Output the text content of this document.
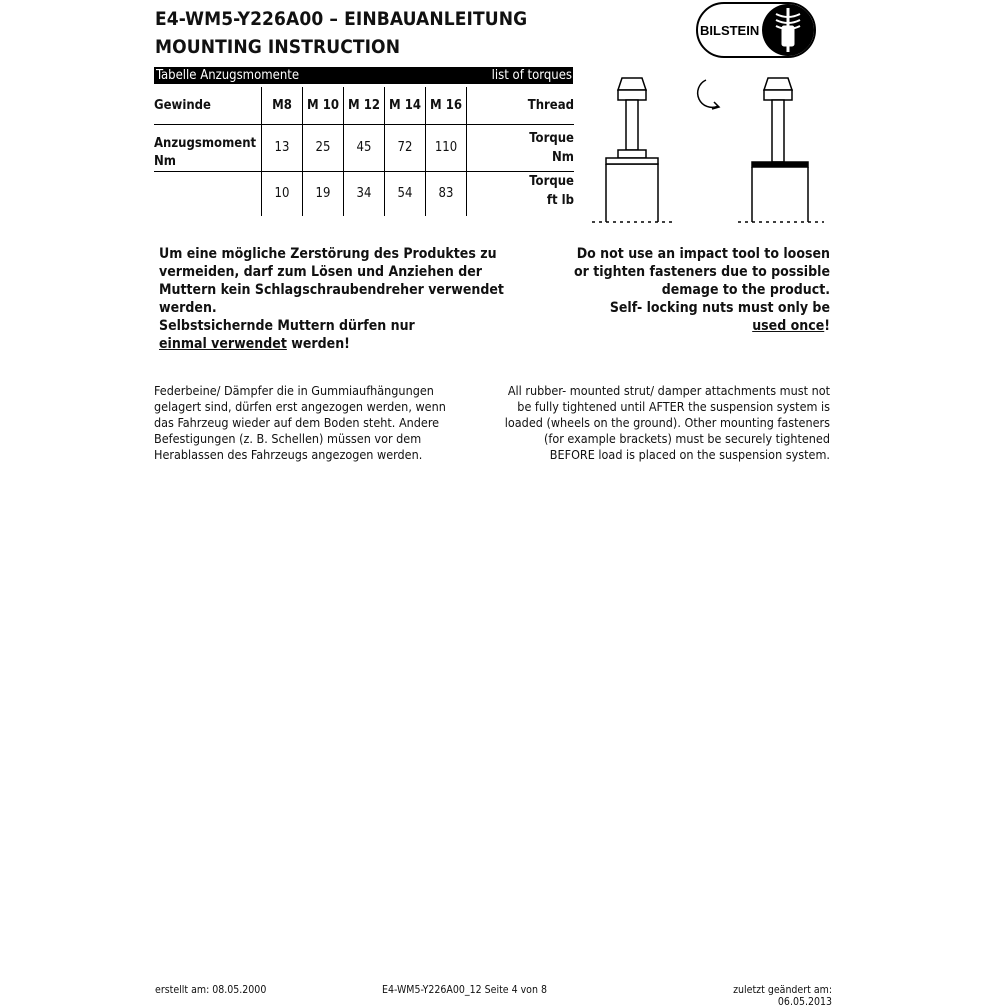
E4-WM5-Y226A00 – EINBAUANLEITUNG
MOUNTING INSTRUCTION
BILSTEIN
Tabelle Anzugsmomente	list of torques
Gewinde	M8	M 10	M 12	M 14	M 16	Thread
Anzugsmoment
Nm	13	25	45	72	110	Torque
Nm
	10	19	34	54	83	Torque
ft lb
Um eine mögliche Zerstörung des Produktes zu
vermeiden, darf zum Lösen und Anziehen der
Muttern kein Schlagschraubendreher verwendet
werden.
Selbstsichernde Muttern dürfen nur
einmal verwendet werden!
Do not use an impact tool to loosen
or tighten fasteners due to possible
demage to the product.
Self- locking nuts must only be
used once!
Federbeine/ Dämpfer die in Gummiaufhängungen
gelagert sind, dürfen erst angezogen werden, wenn
das Fahrzeug wieder auf dem Boden steht. Andere
Befestigungen (z. B. Schellen) müssen vor dem
Herablassen des Fahrzeugs angezogen werden.
All rubber- mounted strut/ damper attachments must not
be fully tightened until AFTER the suspension system is
loaded (wheels on the ground). Other mounting fasteners
(for example brackets) must be securely tightened
BEFORE load is placed on the suspension system.
erstellt am: 08.05.2000	E4-WM5-Y226A00_12 Seite 4 von 8	zuletzt geändert am: 06.05.2013
